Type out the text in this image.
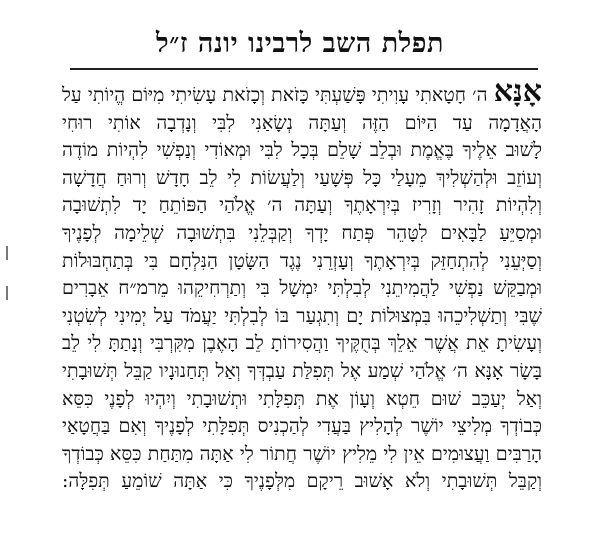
תפלת השב לרבינו יונה ז״ל
אָנָּא ה׳ חָטָאתִי עָוִיתִי פָּשַׁעְתִּי כָּזֹאת וְכָזֹאת עָשִׂיתִי מִיּוֹם הֱיוֹתִי עַל
הָאֲדָמָה עַד הַיּוֹם הַזֶּה וְעַתָּה נְשָׂאַנִי לִבִּי וְנָדְבָה אוֹתִי רוּחִי
לָשׁוּב אֵלֶיךָ בֶּאֱמֶת וּבְלֵב שָׁלֵם בְּכָל לִבִּי וּמְאוֹדִי וְנַפְשִׁי לִהְיוֹת מוֹדֶה
וְעוֹזֵב וּלְהַשְׁלִיךְ מֵעָלַי כָּל פְּשָׁעַי וְלַעֲשׂוֹת לִי לֵב חָדָשׁ וְרוּחַ חֲדָשָׁה
וְלִהְיוֹת זָהִיר וְזָרִיז בְּיִרְאָתֶךָ וְעַתָּה ה׳ אֱלֹהַי הַפּוֹתֵחַ יָד לִתְשׁוּבָה
וּמְסַיֵּעַ לַבָּאִים לִטָּהֵר פְּתַח יָדְךָ וְקַבְּלֵנִי בִּתְשׁוּבָה שְׁלֵימָה לְפָנֶיךָ
וְסַיְּעֵנִי לְהִתְחַזֵּק בְּיִרְאָתֶךָ וְעָזְרֵנִי נֶגֶד הַשָּׂטָן הַנִּלְחָם בִּי בְּתַחְבּוּלוֹת
וּמְבַקֵּשׁ נַפְשִׁי לַהֲמִיתֵנִי לְבִלְתִּי יִמְשָׁל בִּי וְתַרְחִיקֵהוּ מֵרמ״ח אֵבָרִים
שֶׁבִּי וְתַשְׁלִיכֵהוּ בִּמְצוּלוֹת יָם וְתִגְעַר בּוֹ לְבִלְתִּי יַעֲמֹד עַל יְמִינִי לְשִׂטְנִי
וְעָשִׂיתָ אֵת אֲשֶׁר אֵלֵךְ בְּחֻקֶּיךָ וַהֲסִירוֹתָ לֵב הָאֶבֶן מִקִּרְבִּי וְנָתַתָּ לִי לֵב
בָּשָׂר אָנָּא ה׳ אֱלֹהַי שְׁמַע אֶל תְּפִלַּת עַבְדְּךָ וְאַל תְּחַנוּנָיו קַבֵּל תְּשׁוּבָתִי
וְאַל יְעַכֵּב שׁוּם חֵטְא וְעָוֹן אֶת תְּפִלָּתִי וּתְשׁוּבָתִי וְיִהְיוּ לְפָנֶי כִּסֵּא
כְּבוֹדְךָ מְלִיצֵי יוֹשֶׁר לְהָלִיץ בַּעֲדִי לְהַכְנִיס תְּפִלָּתִי לְפָנֶיךָ וְאִם בַּחֲטָאַי
הָרַבִּים וַעֲצוּמִים אֵין לִי מֵלִיץ יוֹשֶׁר חֲתוֹר לִי אַתָּה מִתַּחַת כִּסֵּא כְּבוֹדְךָ
וְקַבֵּל תְּשׁוּבָתִי וְלֹא אָשׁוּב רֵיקָם מִלְּפָנֶיךָ כִּי אַתָּה שׁוֹמֵעַ תְּפִלָּה:
